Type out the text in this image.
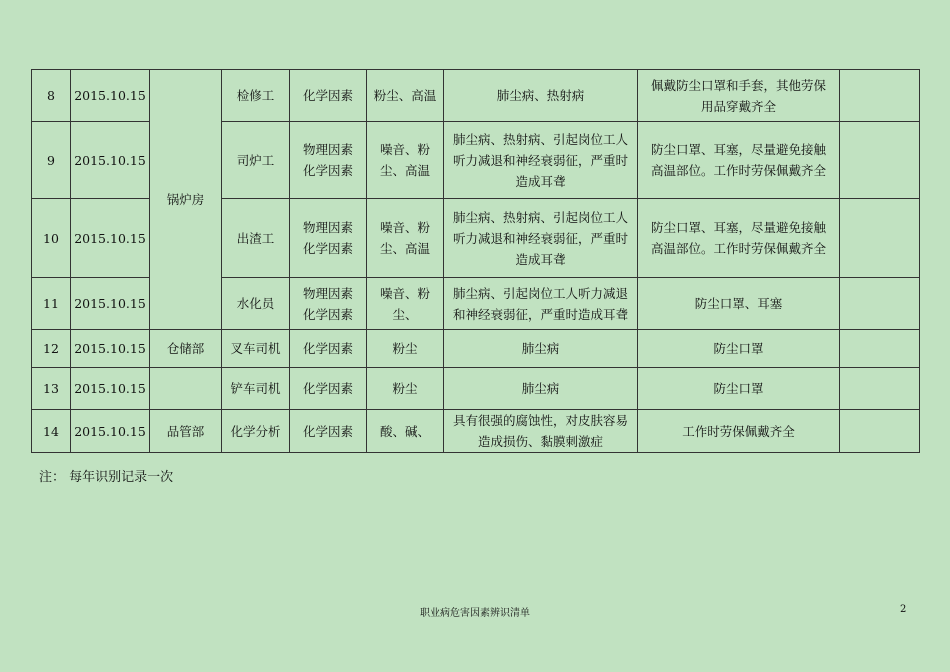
8	2015.10.15	锅炉房	检修工	化学因素	粉尘、高温	肺尘病、热射病	佩戴防尘口罩和手套，其他劳保
用品穿戴齐全	
9	2015.10.15		司炉工	物理因素
化学因素	噪音、粉
尘、高温	肺尘病、热射病、引起岗位工人
听力减退和神经衰弱征，严重时
造成耳聋	防尘口罩、耳塞，尽量避免接触
高温部位。工作时劳保佩戴齐全	
10	2015.10.15		出渣工	物理因素
化学因素	噪音、粉
尘、高温	肺尘病、热射病、引起岗位工人
听力减退和神经衰弱征，严重时
造成耳聋	防尘口罩、耳塞，尽量避免接触
高温部位。工作时劳保佩戴齐全	
11	2015.10.15		水化员	物理因素
化学因素	噪音、粉
尘、	肺尘病、引起岗位工人听力减退
和神经衰弱征，严重时造成耳聋	防尘口罩、耳塞	
12	2015.10.15	仓储部	叉车司机	化学因素	粉尘	肺尘病	防尘口罩	
13	2015.10.15		铲车司机	化学因素	粉尘	肺尘病	防尘口罩	
14	2015.10.15	品管部	化学分析	化学因素	酸、碱、	具有很强的腐蚀性，对皮肤容易
造成损伤、黏膜刺激症	工作时劳保佩戴齐全	
注： 每年识别记录一次
职业病危害因素辨识清单	2
